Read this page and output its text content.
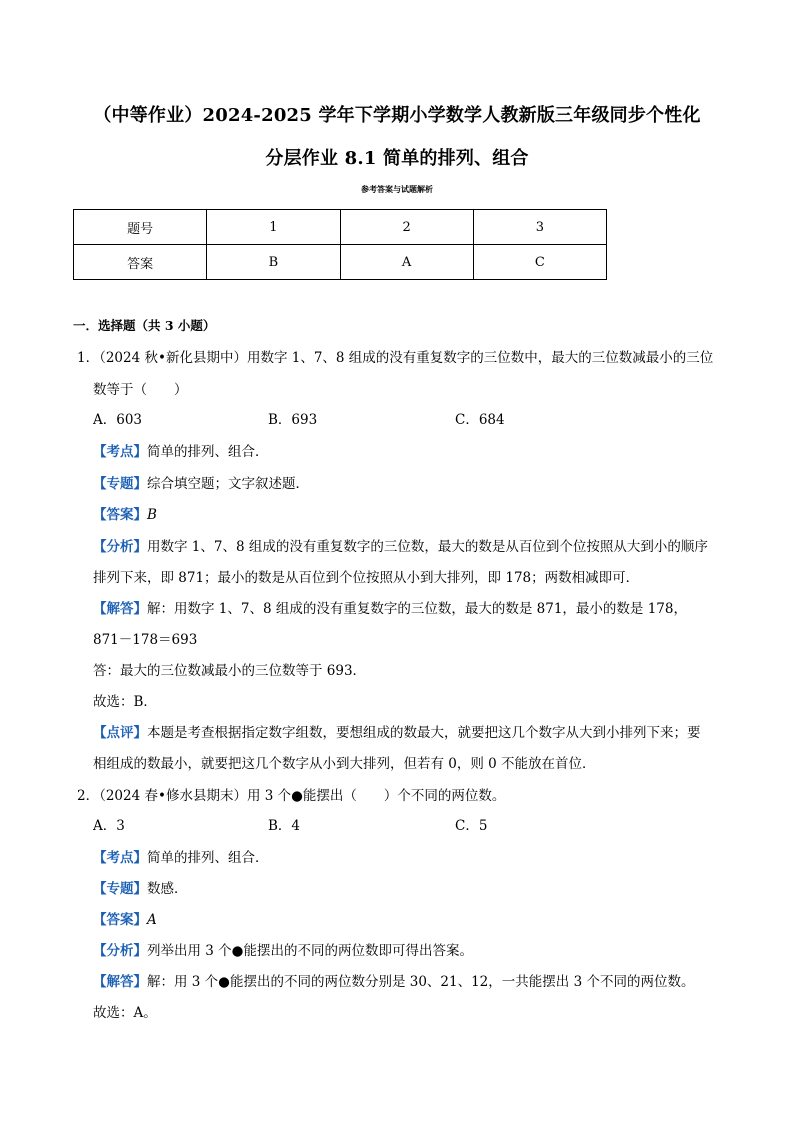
（中等作业）2024-2025 学年下学期小学数学人教新版三年级同步个性化
分层作业 8.1 简单的排列、组合
参考答案与试题解析
题号	1	2	3
答案	B	A	C
一．选择题（共 3 小题）
1．（2024 秋•新化县期中）用数字 1、7、8 组成的没有重复数字的三位数中，最大的三位数减最小的三位
数等于（　　）
A．603	B．693	C．684
【考点】简单的排列、组合．
【专题】综合填空题；文字叙述题．
【答案】B
【分析】用数字 1、7、8 组成的没有重复数字的三位数，最大的数是从百位到个位按照从大到小的顺序
排列下来，即 871；最小的数是从百位到个位按照从小到大排列，即 178；两数相减即可．
【解答】解：用数字 1、7、8 组成的没有重复数字的三位数，最大的数是 871，最小的数是 178，
871－178＝693
答：最大的三位数减最小的三位数等于 693．
故选：B．
【点评】本题是考查根据指定数字组数，要想组成的数最大，就要把这几个数字从大到小排列下来；要
相组成的数最小，就要把这几个数字从小到大排列，但若有 0，则 0 不能放在首位．
2．（2024 春•修水县期末）用 3 个●能摆出（　　）个不同的两位数。
A．3	B．4	C．5
【考点】简单的排列、组合．
【专题】数感．
【答案】A
【分析】列举出用 3 个●能摆出的不同的两位数即可得出答案。
【解答】解：用 3 个●能摆出的不同的两位数分别是 30、21、12，一共能摆出 3 个不同的两位数。
故选：A。
